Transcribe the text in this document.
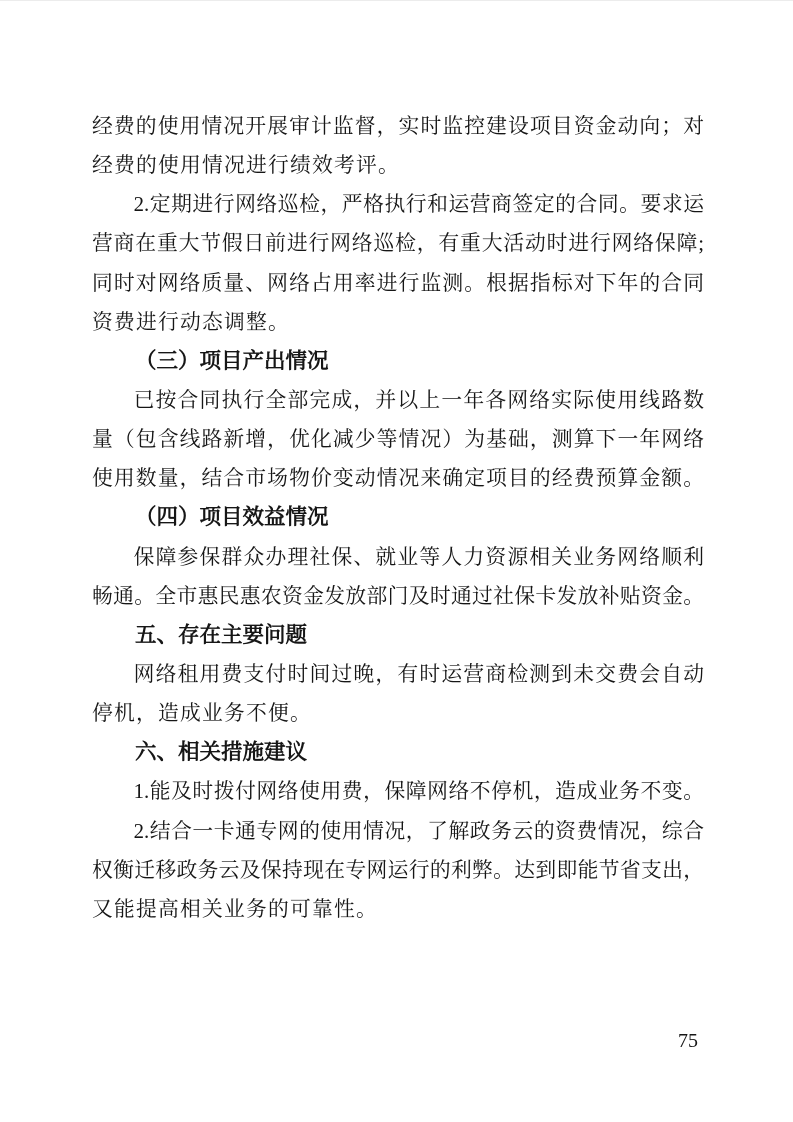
经费的使用情况开展审计监督，实时监控建设项目资金动向；对
经费的使用情况进行绩效考评。
2.定期进行网络巡检，严格执行和运营商签定的合同。要求运
营商在重大节假日前进行网络巡检，有重大活动时进行网络保障;
同时对网络质量、网络占用率进行监测。根据指标对下年的合同
资费进行动态调整。
（三）项目产出情况
已按合同执行全部完成，并以上一年各网络实际使用线路数
量（包含线路新增，优化减少等情况）为基础，测算下一年网络
使用数量，结合市场物价变动情况来确定项目的经费预算金额。
（四）项目效益情况
保障参保群众办理社保、就业等人力资源相关业务网络顺利
畅通。全市惠民惠农资金发放部门及时通过社保卡发放补贴资金。
五、存在主要问题
网络租用费支付时间过晚，有时运营商检测到未交费会自动
停机，造成业务不便。
六、相关措施建议
1.能及时拨付网络使用费，保障网络不停机，造成业务不变。
2.结合一卡通专网的使用情况，了解政务云的资费情况，综合
权衡迁移政务云及保持现在专网运行的利弊。达到即能节省支出，
又能提高相关业务的可靠性。
75
